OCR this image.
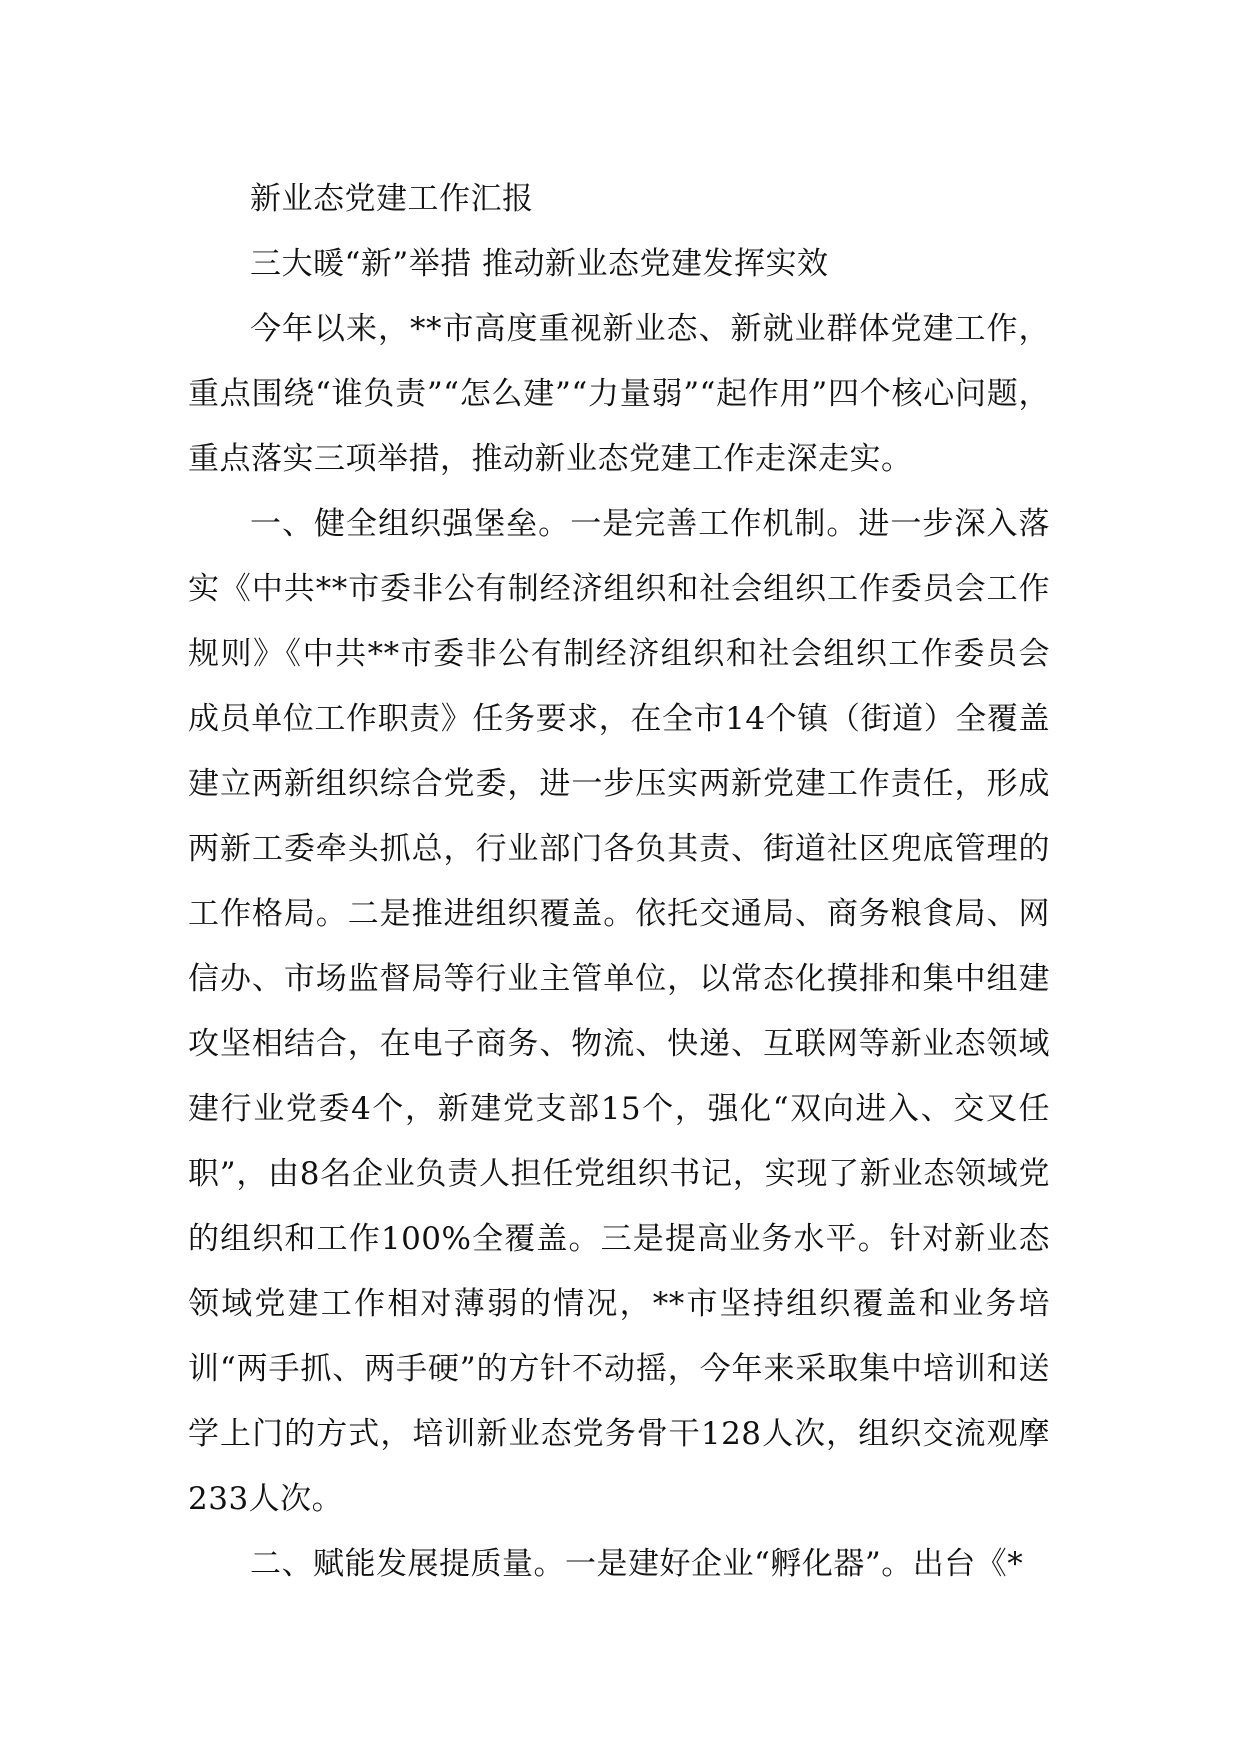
新业态党建工作汇报

三大暖“新”举措 推动新业态党建发挥实效

今年以来，**市高度重视新业态、新就业群体党建工作，重点围绕“谁负责”“怎么建”“力量弱”“起作用”四个核心问题，重点落实三项举措，推动新业态党建工作走深走实。

一、健全组织强堡垒。一是完善工作机制。进一步深入落实《中共**市委非公有制经济组织和社会组织工作委员会工作规则》《中共**市委非公有制经济组织和社会组织工作委员会成员单位工作职责》任务要求，在全市14个镇（街道）全覆盖建立两新组织综合党委，进一步压实两新党建工作责任，形成两新工委牵头抓总，行业部门各负其责、街道社区兜底管理的工作格局。二是推进组织覆盖。依托交通局、商务粮食局、网信办、市场监督局等行业主管单位，以常态化摸排和集中组建攻坚相结合，在电子商务、物流、快递、互联网等新业态领域建行业党委4个，新建党支部15个，强化“双向进入、交叉任职”，由8名企业负责人担任党组织书记，实现了新业态领域党的组织和工作100%全覆盖。三是提高业务水平。针对新业态领域党建工作相对薄弱的情况，**市坚持组织覆盖和业务培训“两手抓、两手硬”的方针不动摇，今年来采取集中培训和送学上门的方式，培训新业态党务骨干128人次，组织交流观摩233人次。

二、赋能发展提质量。一是建好企业“孵化器”。出台《*
